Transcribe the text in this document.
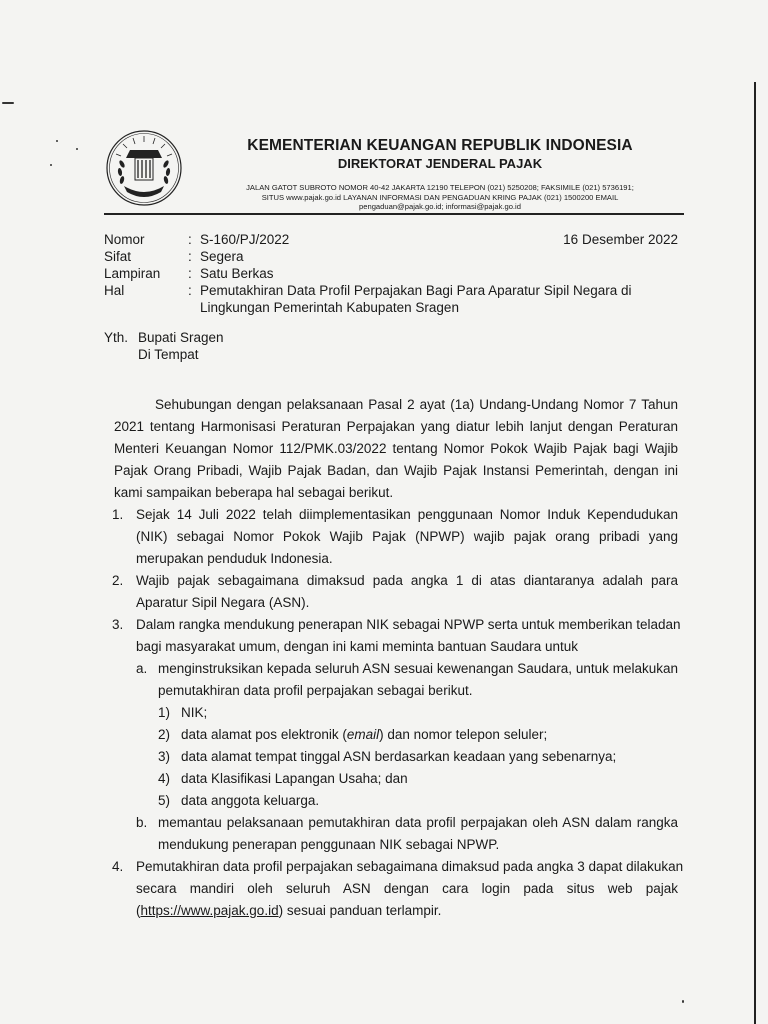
KEMENTERIAN KEUANGAN REPUBLIK INDONESIA
DIREKTORAT JENDERAL PAJAK
JALAN GATOT SUBROTO NOMOR 40-42 JAKARTA 12190 TELEPON (021) 5250208; FAKSIMILE (021) 5736191;
SITUS www.pajak.go.id LAYANAN INFORMASI DAN PENGADUAN KRING PAJAK (021) 1500200 EMAIL
pengaduan@pajak.go.id; informasi@pajak.go.id
Nomor	: S-160/PJ/2022	16 Desember 2022
Sifat	: Segera
Lampiran : Satu Berkas
Hal	: Pemutakhiran Data Profil Perpajakan Bagi Para Aparatur Sipil Negara di
Lingkungan Pemerintah Kabupaten Sragen
Yth. Bupati Sragen
Di Tempat
Sehubungan dengan pelaksanaan Pasal 2 ayat (1a) Undang-Undang Nomor 7 Tahun
2021 tentang Harmonisasi Peraturan Perpajakan yang diatur lebih lanjut dengan Peraturan
Menteri Keuangan Nomor 112/PMK.03/2022 tentang Nomor Pokok Wajib Pajak bagi Wajib
Pajak Orang Pribadi, Wajib Pajak Badan, dan Wajib Pajak Instansi Pemerintah, dengan ini
kami sampaikan beberapa hal sebagai berikut.
1. Sejak 14 Juli 2022 telah diimplementasikan penggunaan Nomor Induk Kependudukan
(NIK) sebagai Nomor Pokok Wajib Pajak (NPWP) wajib pajak orang pribadi yang
merupakan penduduk Indonesia.
2. Wajib pajak sebagaimana dimaksud pada angka 1 di atas diantaranya adalah para
Aparatur Sipil Negara (ASN).
3. Dalam rangka mendukung penerapan NIK sebagai NPWP serta untuk memberikan teladan
bagi masyarakat umum, dengan ini kami meminta bantuan Saudara untuk
a. menginstruksikan kepada seluruh ASN sesuai kewenangan Saudara, untuk melakukan
pemutakhiran data profil perpajakan sebagai berikut.
1) NIK;
2) data alamat pos elektronik (email) dan nomor telepon seluler;
3) data alamat tempat tinggal ASN berdasarkan keadaan yang sebenarnya;
4) data Klasifikasi Lapangan Usaha; dan
5) data anggota keluarga.
b. memantau pelaksanaan pemutakhiran data profil perpajakan oleh ASN dalam rangka
mendukung penerapan penggunaan NIK sebagai NPWP.
4. Pemutakhiran data profil perpajakan sebagaimana dimaksud pada angka 3 dapat dilakukan
secara mandiri oleh seluruh ASN dengan cara login pada situs web pajak
(https://www.pajak.go.id) sesuai panduan terlampir.
